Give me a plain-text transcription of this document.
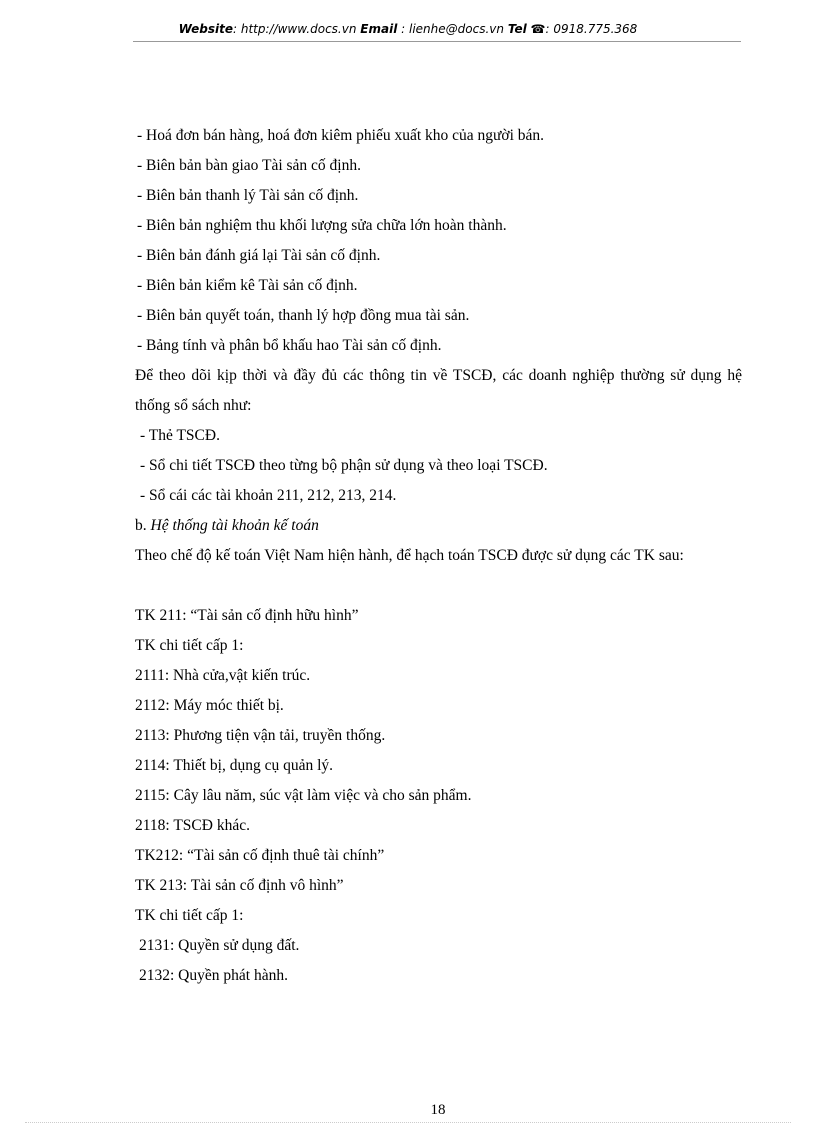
Website: http://www.docs.vn Email : lienhe@docs.vn Tel ☎: 0918.775.368
- Hoá đơn bán hàng, hoá đơn kiêm phiếu xuất kho của người bán.
- Biên bản bàn giao Tài sản cố định.
- Biên bản thanh lý Tài sản cố định.
- Biên bản nghiệm thu khối lượng sửa chữa lớn hoàn thành.
- Biên bản đánh giá lại Tài sản cố định.
- Biên bản kiểm kê Tài sản cố định.
- Biên bản quyết toán, thanh lý hợp đồng mua tài sản.
- Bảng tính và phân bổ khấu hao Tài sản cố định.
Để theo dõi kịp thời và đầy đủ các thông tin về TSCĐ, các doanh nghiệp thường sử dụng hệ thống sổ sách như:
- Thẻ TSCĐ.
- Sổ chi tiết TSCĐ theo từng bộ phận sử dụng và theo loại TSCĐ.
- Sổ cái các tài khoản 211, 212, 213, 214.
b. Hệ thống tài khoản kế toán
Theo chế độ kế toán Việt Nam hiện hành, để hạch toán TSCĐ được sử dụng các TK sau:
TK 211: “Tài sản cố định hữu hình”
TK chi tiết cấp 1:
2111: Nhà cửa,vật kiến trúc.
2112: Máy móc thiết bị.
2113: Phương tiện vận tải, truyền thống.
2114: Thiết bị, dụng cụ quản lý.
2115: Cây lâu năm, súc vật làm việc và cho sản phẩm.
2118: TSCĐ khác.
TK212: “Tài sản cố định thuê tài chính”
TK 213: Tài sản cố định vô hình”
TK chi tiết cấp 1:
2131: Quyền sử dụng đất.
2132: Quyền phát hành.
18
